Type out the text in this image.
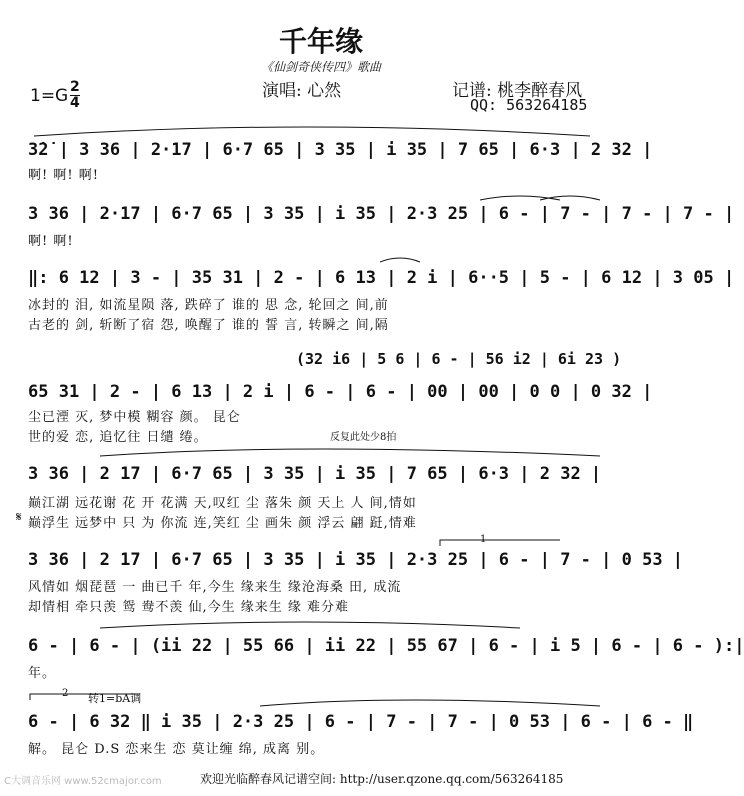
千年缘
《仙剑奇侠传四》歌曲
演唱: 心然	记谱: 桃李醉春风
QQ: 563264185
$1=G \frac{2}{4}$
3̇2̇ | 3 36 | 2·17 | 6·7 65 | 3 35 | i 35 | 7 65 | 6·3 | 2 32 |
啊! 啊! 啊!
3 36 | 2·17 | 6·7 65 | 3 35 | i 35 | 2·3 25 | 6 - | 7 - | 7 - | 7 - |
啊! 啊!
‖: 6 12 | 3 - | 35 31 | 2 - | 6 13 | 2 i | 6··5 | 5 - | 6 12 | 3 05 |
冰封的 泪, 如流星陨 落, 跌碎了 谁的 思 念, 轮回之 间,前
古老的 剑, 斩断了宿 怨, 唤醒了 谁的 誓 言, 转瞬之 间,隔
(32 i6 | 5 6 | 6 - | 56 i2 | 6i 23 )
65 31 | 2 - | 6 13 | 2 i | 6 - | 6 - | 00 | 00 | 0 0 | 0 32 |
尘已湮 灭, 梦中模 糊容 颜。 昆仑
世的爱 恋, 追忆往 日缱 绻。	反复此处少8拍
3 36 | 2 17 | 6·7 65 | 3 35 | i 35 | 7 65 | 6·3 | 2 32 |
巅江湖 远花谢 花 开 花满 天,叹红 尘 落朱 颜 天上 人 间,情如
𝄋 巅浮生 远梦中 只 为 你流 连,笑红 尘 画朱 颜 浮云 翩 跹,情难
1
3 36 | 2 17 | 6·7 65 | 3 35 | i 35 | 2·3 25 | 6 - | 7 - | 0 53 |
风情如 烟琵琶 一 曲已千 年,今生 缘来生 缘沧海桑 田, 成流
却情相 牵只羡 鸳 鸯不羡 仙,今生 缘来生 缘 难分难
6 - | 6 - | (ii 22 | 55 66 | ii 22 | 55 67 | 6 - | i 5 | 6 - | 6 - ):|
年。
2 转1=bA调
6 - | 6 32 ‖ i 35 | 2·3 25 | 6 - | 7 - | 7 - | 0 53 | 6 - | 6 - ‖
解。 昆仑 D.S 恋来生 恋 莫让缠 绵, 成离 别。
欢迎光临醉春风记谱空间: http://user.qzone.qq.com/563264185
C大调音乐网 www.52cmajor.com
